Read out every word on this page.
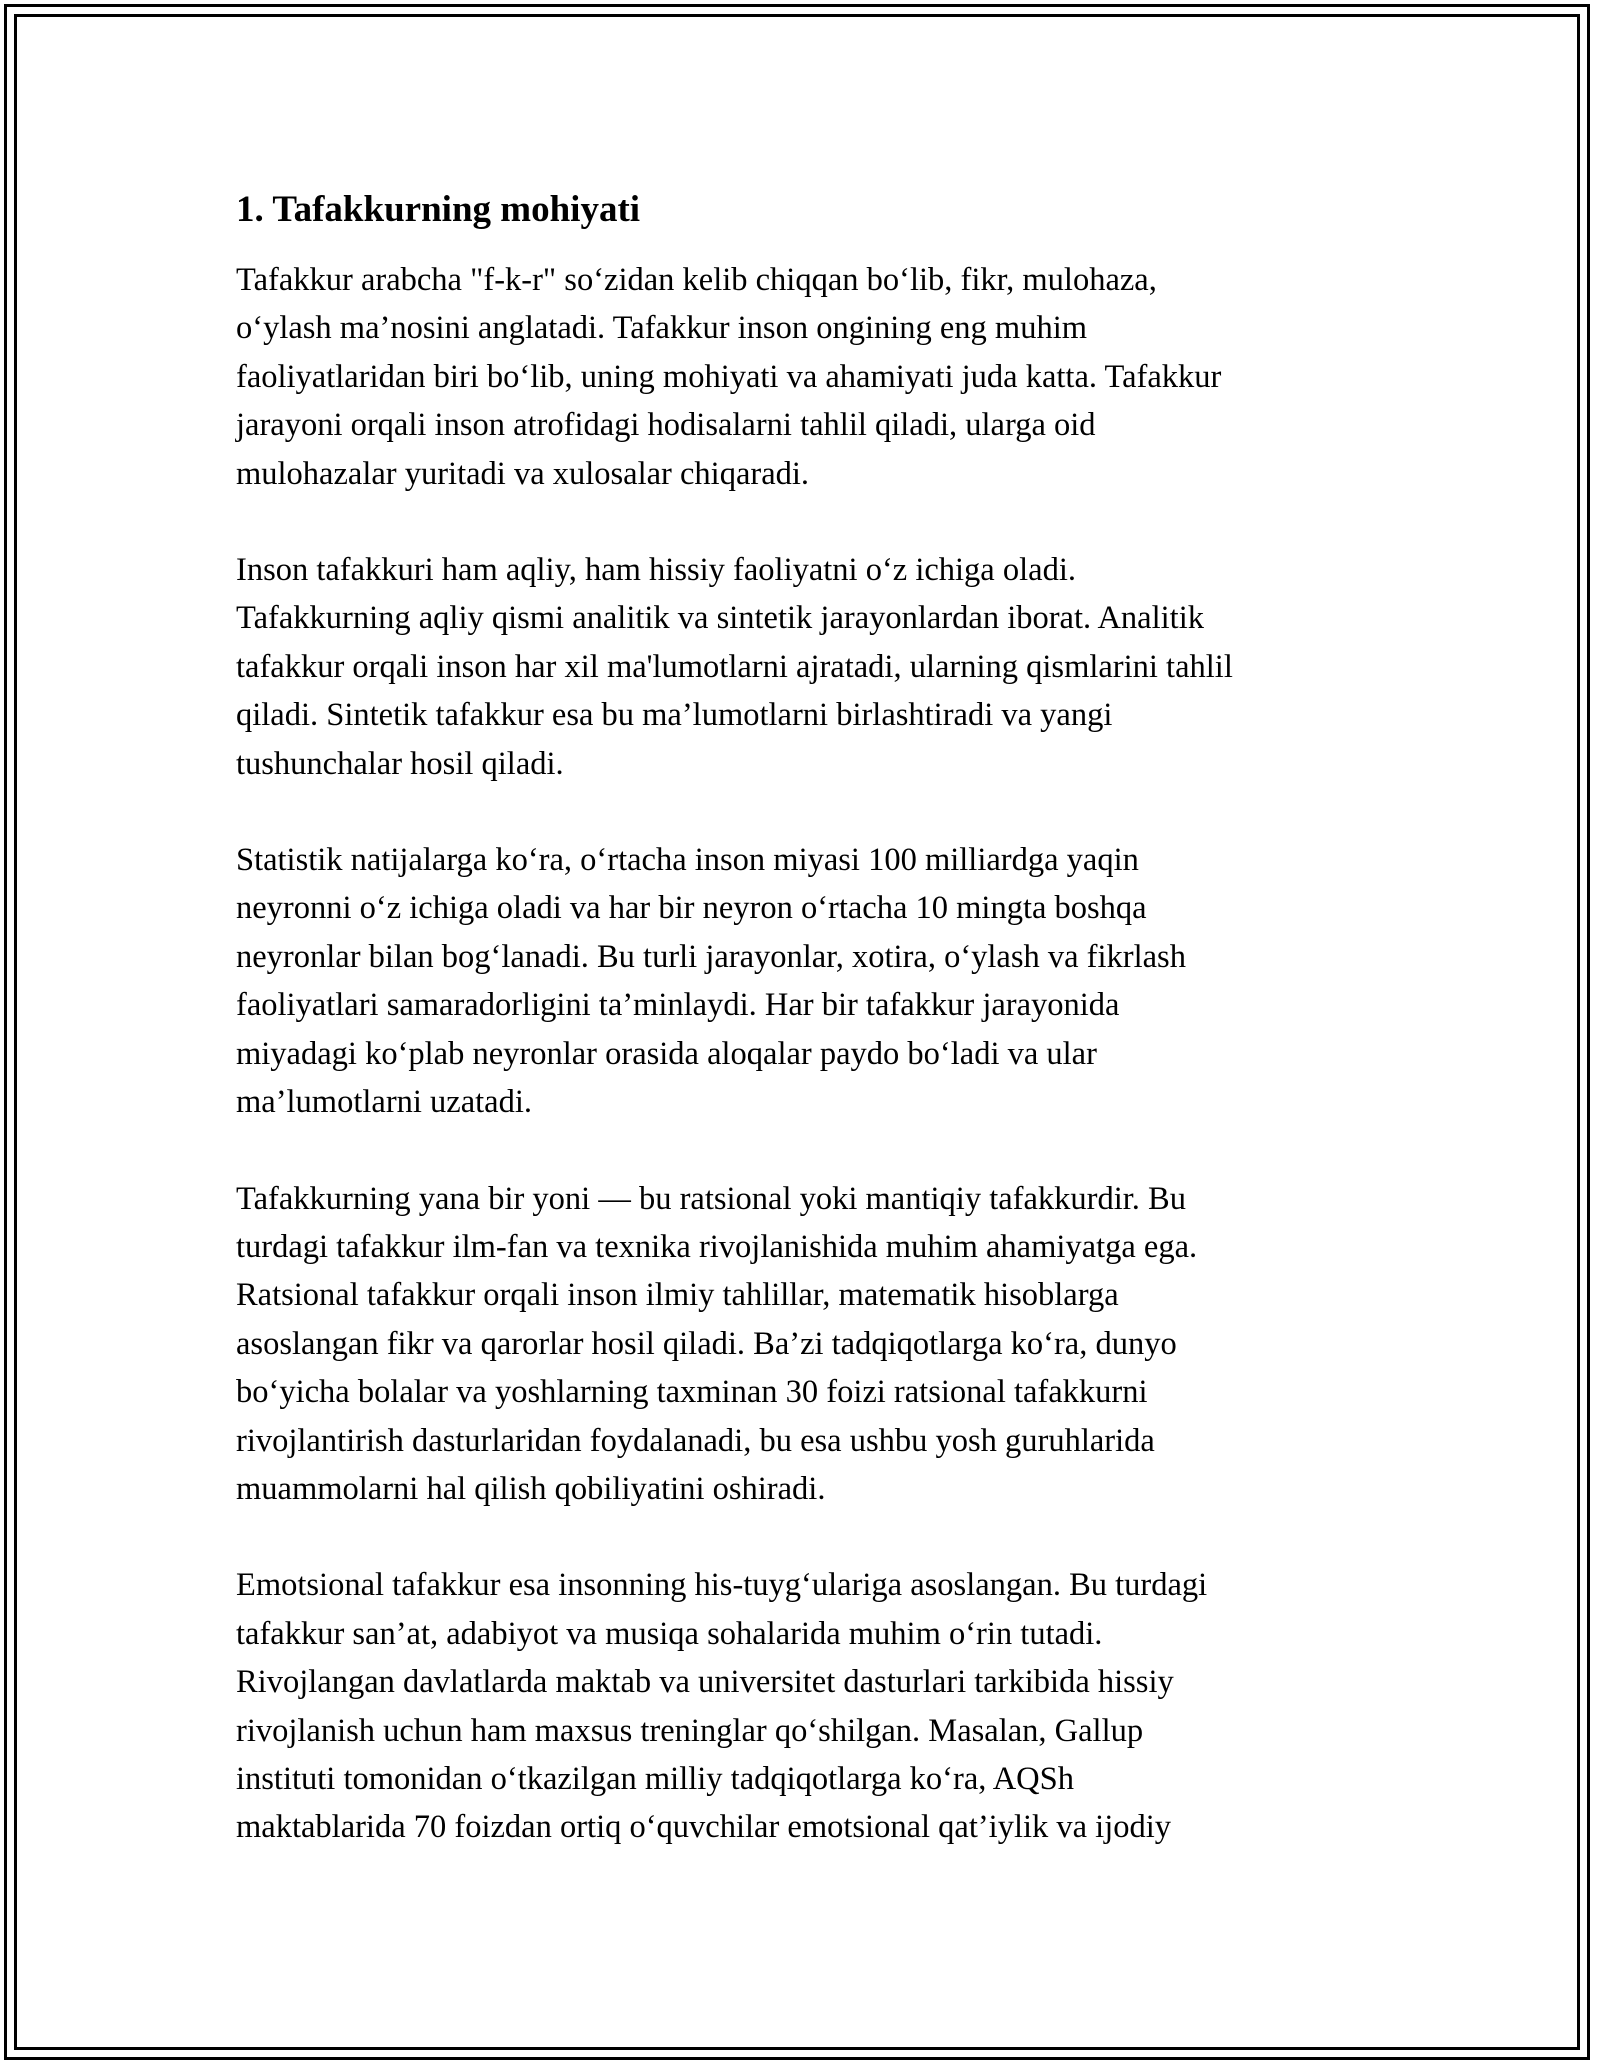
1. Tafakkurning mohiyati
Tafakkur arabcha "f-k-r" so‘zidan kelib chiqqan bo‘lib, fikr, mulohaza,
o‘ylash ma’nosini anglatadi. Tafakkur inson ongining eng muhim
faoliyatlaridan biri bo‘lib, uning mohiyati va ahamiyati juda katta. Tafakkur
jarayoni orqali inson atrofidagi hodisalarni tahlil qiladi, ularga oid
mulohazalar yuritadi va xulosalar chiqaradi.
Inson tafakkuri ham aqliy, ham hissiy faoliyatni o‘z ichiga oladi.
Tafakkurning aqliy qismi analitik va sintetik jarayonlardan iborat. Analitik
tafakkur orqali inson har xil ma'lumotlarni ajratadi, ularning qismlarini tahlil
qiladi. Sintetik tafakkur esa bu ma’lumotlarni birlashtiradi va yangi
tushunchalar hosil qiladi.
Statistik natijalarga ko‘ra, o‘rtacha inson miyasi 100 milliardga yaqin
neyronni o‘z ichiga oladi va har bir neyron o‘rtacha 10 mingta boshqa
neyronlar bilan bog‘lanadi. Bu turli jarayonlar, xotira, o‘ylash va fikrlash
faoliyatlari samaradorligini ta’minlaydi. Har bir tafakkur jarayonida
miyadagi ko‘plab neyronlar orasida aloqalar paydo bo‘ladi va ular
ma’lumotlarni uzatadi.
Tafakkurning yana bir yoni — bu ratsional yoki mantiqiy tafakkurdir. Bu
turdagi tafakkur ilm-fan va texnika rivojlanishida muhim ahamiyatga ega.
Ratsional tafakkur orqali inson ilmiy tahlillar, matematik hisoblarga
asoslangan fikr va qarorlar hosil qiladi. Ba’zi tadqiqotlarga ko‘ra, dunyo
bo‘yicha bolalar va yoshlarning taxminan 30 foizi ratsional tafakkurni
rivojlantirish dasturlaridan foydalanadi, bu esa ushbu yosh guruhlarida
muammolarni hal qilish qobiliyatini oshiradi.
Emotsional tafakkur esa insonning his-tuyg‘ulariga asoslangan. Bu turdagi
tafakkur san’at, adabiyot va musiqa sohalarida muhim o‘rin tutadi.
Rivojlangan davlatlarda maktab va universitet dasturlari tarkibida hissiy
rivojlanish uchun ham maxsus treninglar qo‘shilgan. Masalan, Gallup
instituti tomonidan o‘tkazilgan milliy tadqiqotlarga ko‘ra, AQSh
maktablarida 70 foizdan ortiq o‘quvchilar emotsional qat’iylik va ijodiy
